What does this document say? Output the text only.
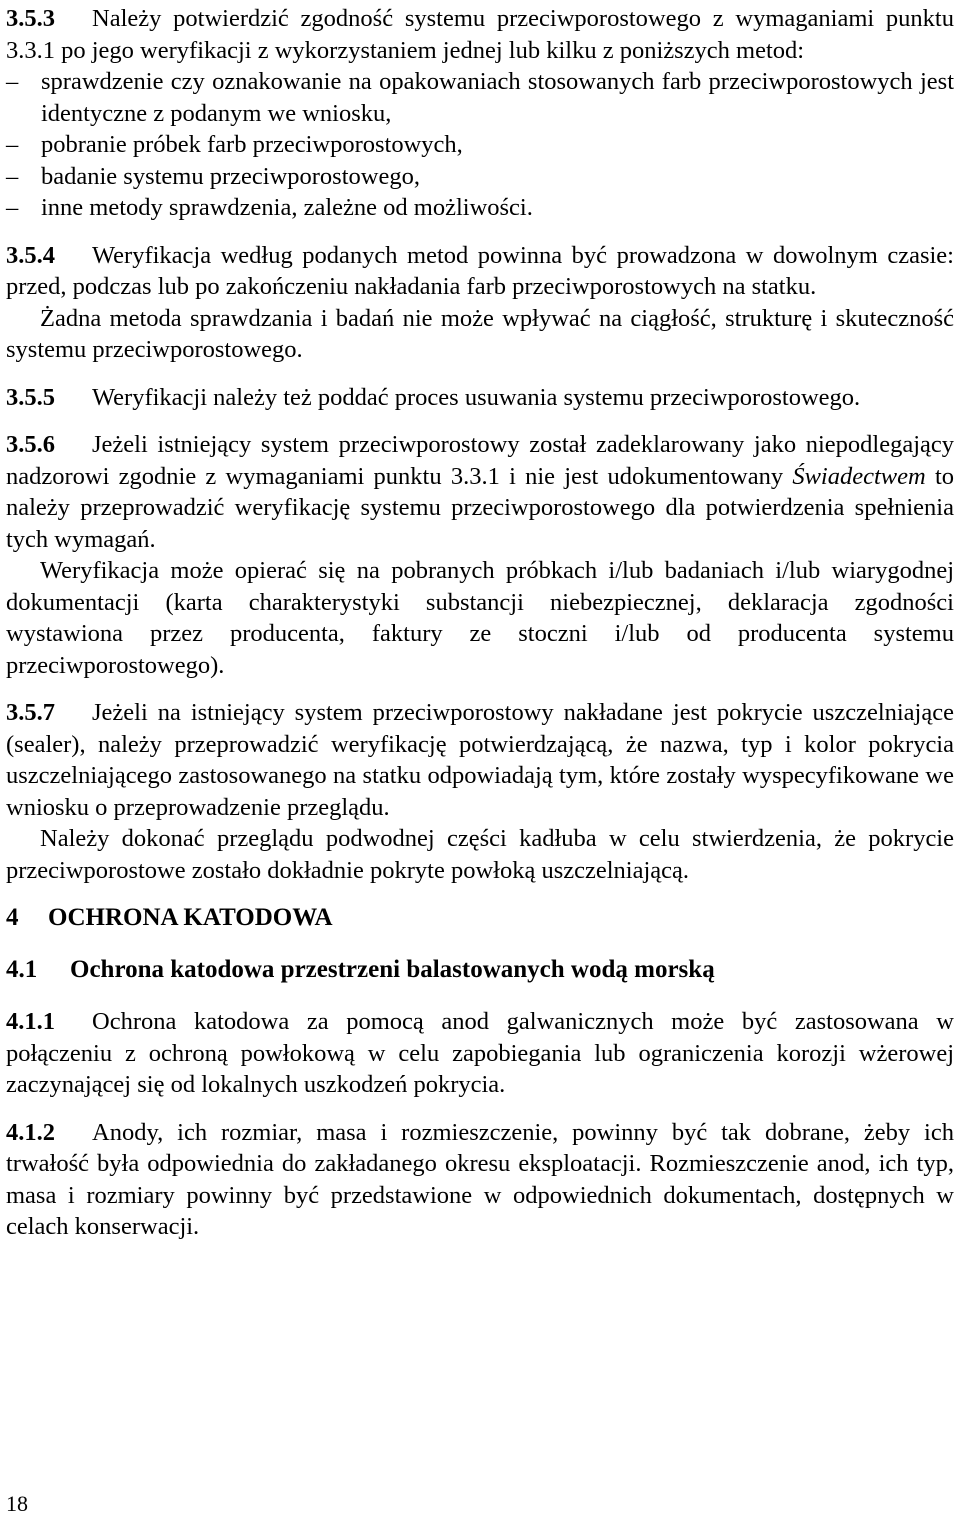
3.5.3 Należy potwierdzić zgodność systemu przeciwporostowego z wymaganiami punktu 3.3.1 po jego weryfikacji z wykorzystaniem jednej lub kilku z poniższych metod:

– sprawdzenie czy oznakowanie na opakowaniach stosowanych farb przeciwporostowych jest identyczne z podanym we wniosku,
– pobranie próbek farb przeciwporostowych,
– badanie systemu przeciwporostowego,
– inne metody sprawdzenia, zależne od możliwości.

3.5.4 Weryfikacja według podanych metod powinna być prowadzona w dowolnym czasie: przed, podczas lub po zakończeniu nakładania farb przeciwporostowych na statku.

Żadna metoda sprawdzania i badań nie może wpływać na ciągłość, strukturę i skuteczność systemu przeciwporostowego.

3.5.5 Weryfikacji należy też poddać proces usuwania systemu przeciwporostowego.

3.5.6 Jeżeli istniejący system przeciwporostowy został zadeklarowany jako niepodlegający nadzorowi zgodnie z wymaganiami punktu 3.3.1 i nie jest udokumentowany Świadectwem to należy przeprowadzić weryfikację systemu przeciwporostowego dla potwierdzenia spełnienia tych wymagań.

Weryfikacja może opierać się na pobranych próbkach i/lub badaniach i/lub wiarygodnej dokumentacji (karta charakterystyki substancji niebezpiecznej, deklaracja zgodności wystawiona przez producenta, faktury ze stoczni i/lub od producenta systemu przeciwporostowego).

3.5.7 Jeżeli na istniejący system przeciwporostowy nakładane jest pokrycie uszczelniające (sealer), należy przeprowadzić weryfikację potwierdzającą, że nazwa, typ i kolor pokrycia uszczelniającego zastosowanego na statku odpowiadają tym, które zostały wyspecyfikowane we wniosku o przeprowadzenie przeglądu.

Należy dokonać przeglądu podwodnej części kadłuba w celu stwierdzenia, że pokrycie przeciwporostowe zostało dokładnie pokryte powłoką uszczelniającą.

4 OCHRONA KATODOWA
4.1 Ochrona katodowa przestrzeni balastowanych wodą morską

4.1.1 Ochrona katodowa za pomocą anod galwanicznych może być zastosowana w połączeniu z ochroną powłokową w celu zapobiegania lub ograniczenia korozji wżerowej zaczynającej się od lokalnych uszkodzeń pokrycia.

4.1.2 Anody, ich rozmiar, masa i rozmieszczenie, powinny być tak dobrane, żeby ich trwałość była odpowiednia do zakładanego okresu eksploatacji. Rozmieszczenie anod, ich typ, masa i rozmiary powinny być przedstawione w odpowiednich dokumentach, dostępnych w celach konserwacji.

18
